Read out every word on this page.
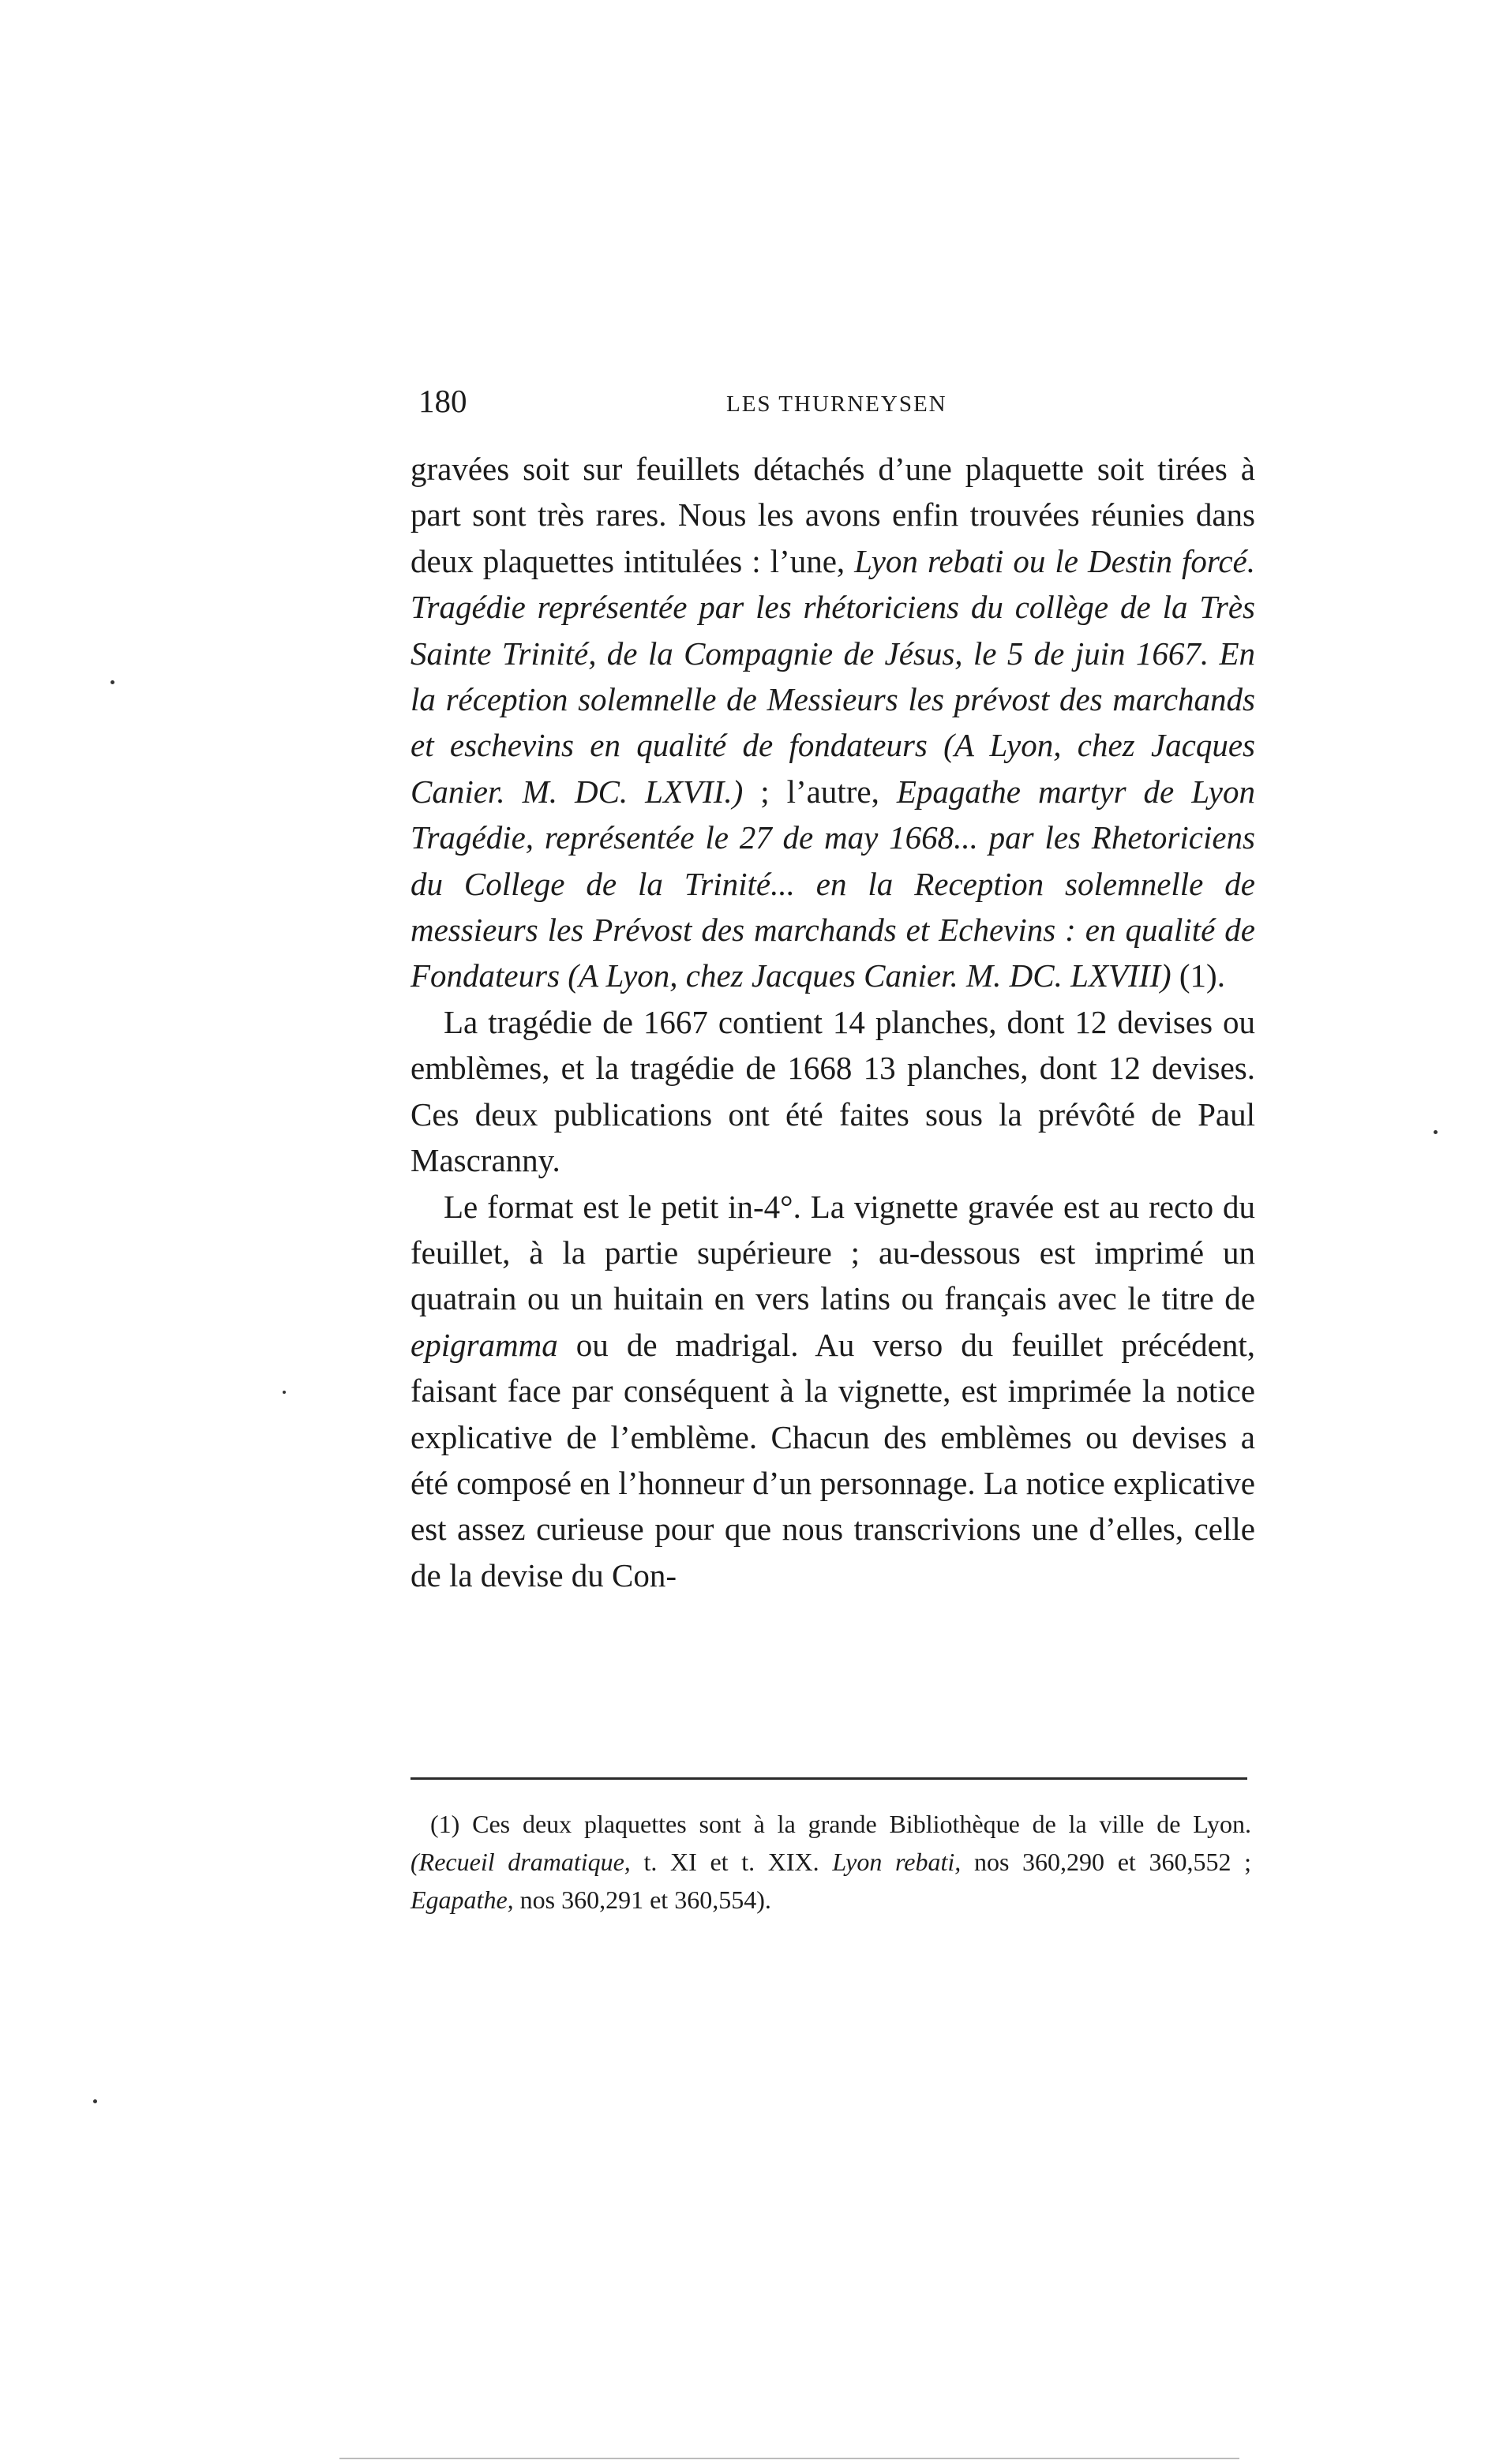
180	LES THURNEYSEN

gravées soit sur feuillets détachés d’une plaquette soit tirées à part sont très rares. Nous les avons enfin trouvées réunies dans deux plaquettes intitulées : l’une, Lyon rebati ou le Destin forcé. Tragédie représentée par les rhétoriciens du collège de la Très Sainte Trinité, de la Compagnie de Jésus, le 5 de juin 1667. En la réception solemnelle de Messieurs les prévost des marchands et eschevins en qualité de fondateurs (A Lyon, chez Jacques Canier. M. DC. LXVII.) ; l’autre, Epagathe martyr de Lyon Tragédie, représentée le 27 de may 1668... par les Rhetoriciens du College de la Trinité... en la Reception solemnelle de messieurs les Prévost des marchands et Echevins : en qualité de Fondateurs (A Lyon, chez Jacques Canier. M. DC. LXVIII) (1).

La tragédie de 1667 contient 14 planches, dont 12 devises ou emblèmes, et la tragédie de 1668 13 planches, dont 12 devises. Ces deux publications ont été faites sous la prévôté de Paul Mascranny.

Le format est le petit in-4°. La vignette gravée est au recto du feuillet, à la partie supérieure ; au-dessous est imprimé un quatrain ou un huitain en vers latins ou français avec le titre de epigramma ou de madrigal. Au verso du feuillet précédent, faisant face par conséquent à la vignette, est imprimée la notice explicative de l’emblème. Chacun des emblèmes ou devises a été composé en l’honneur d’un personnage. La notice explicative est assez curieuse pour que nous transcrivions une d’elles, celle de la devise du Con-

(1) Ces deux plaquettes sont à la grande Bibliothèque de la ville de Lyon. (Recueil dramatique, t. XI et t. XIX. Lyon rebati, nos 360,290 et 360,552 ; Egapathe, nos 360,291 et 360,554).
